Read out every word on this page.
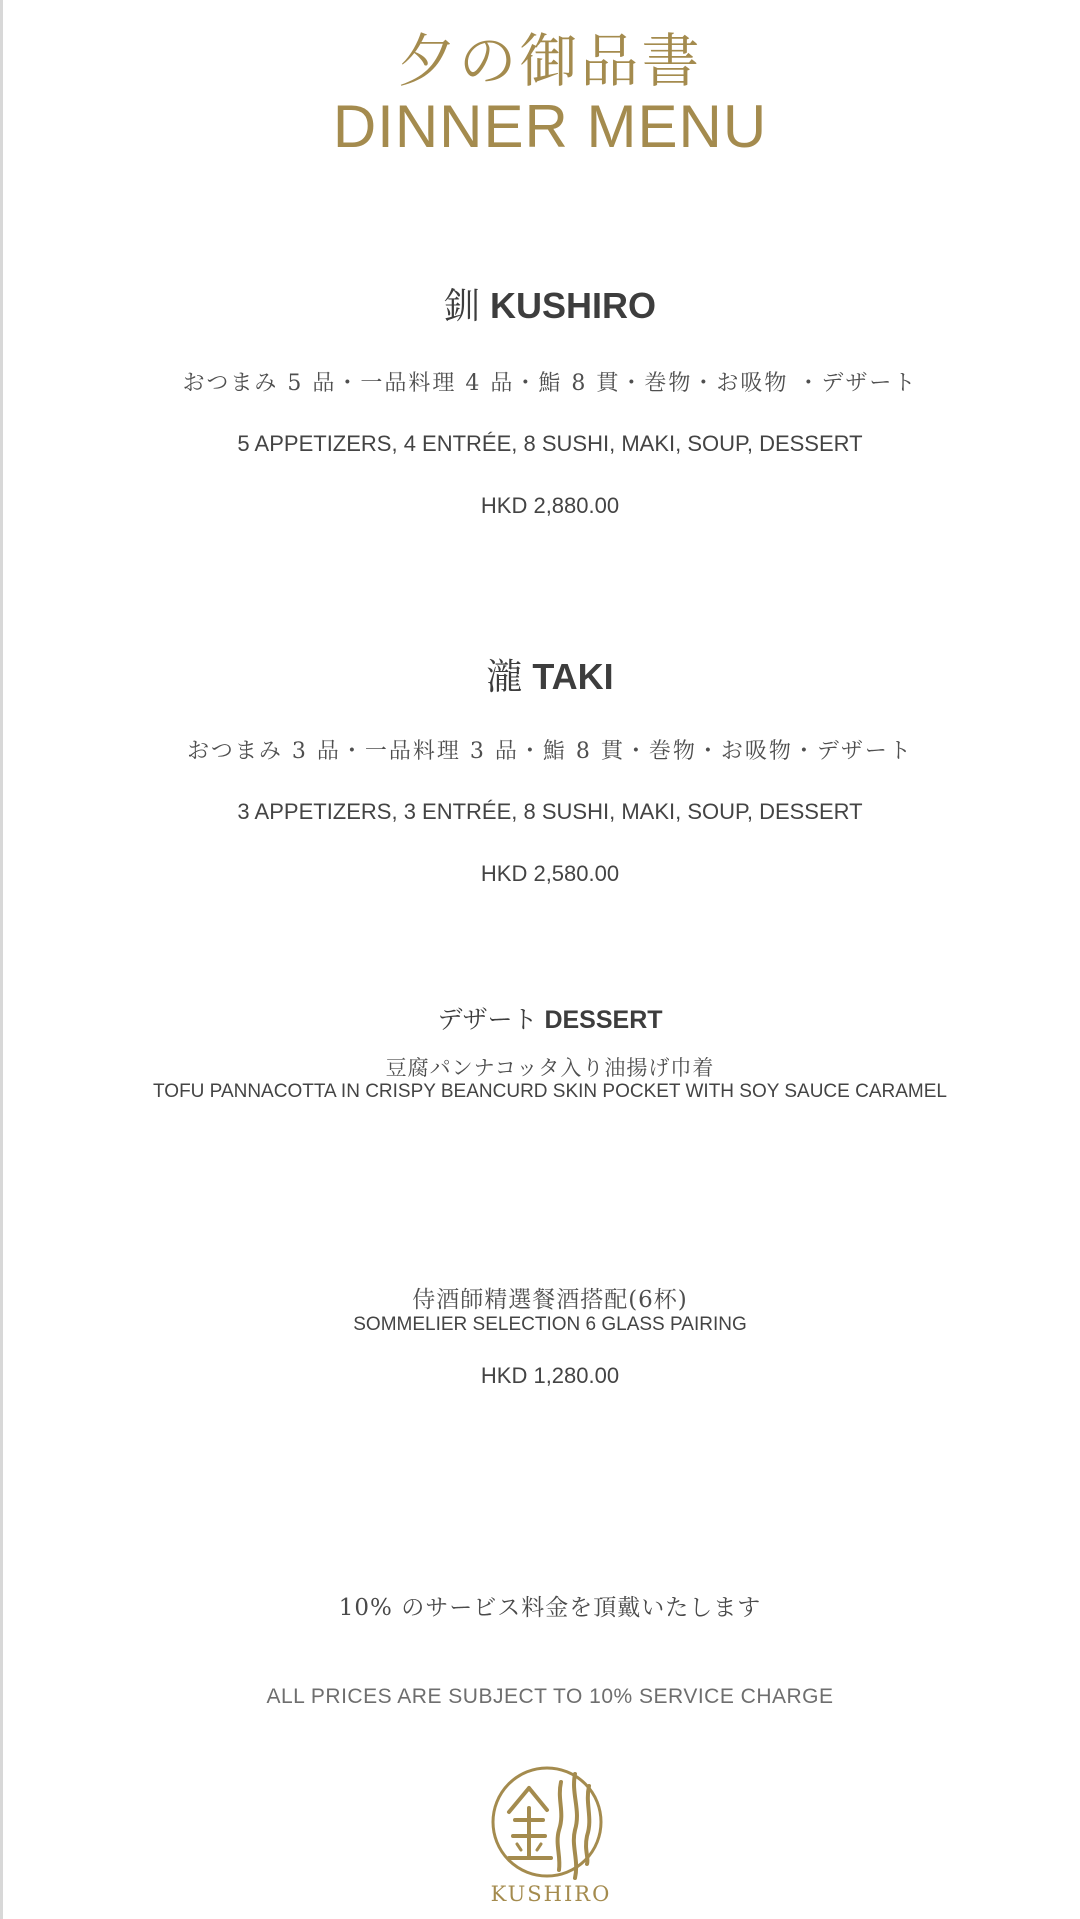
夕の御品書
DINNER MENU
釧 KUSHIRO
おつまみ 5 品・一品料理 4 品・鮨 8 貫・巻物・お吸物 ・デザート
5 APPETIZERS, 4 ENTRÉE, 8 SUSHI, MAKI, SOUP, DESSERT
HKD 2,880.00
瀧 TAKI
おつまみ 3 品・一品料理 3 品・鮨 8 貫・巻物・お吸物・デザート
3 APPETIZERS, 3 ENTRÉE, 8 SUSHI, MAKI, SOUP, DESSERT
HKD 2,580.00
デザート DESSERT
豆腐パンナコッタ入り油揚げ巾着
TOFU PANNACOTTA IN CRISPY BEANCURD SKIN POCKET WITH SOY SAUCE CARAMEL
侍酒師精選餐酒搭配(6杯)
SOMMELIER SELECTION 6 GLASS PAIRING
HKD 1,280.00
10% のサービス料金を頂戴いたします
ALL PRICES ARE SUBJECT TO 10% SERVICE CHARGE
KUSHIRO
